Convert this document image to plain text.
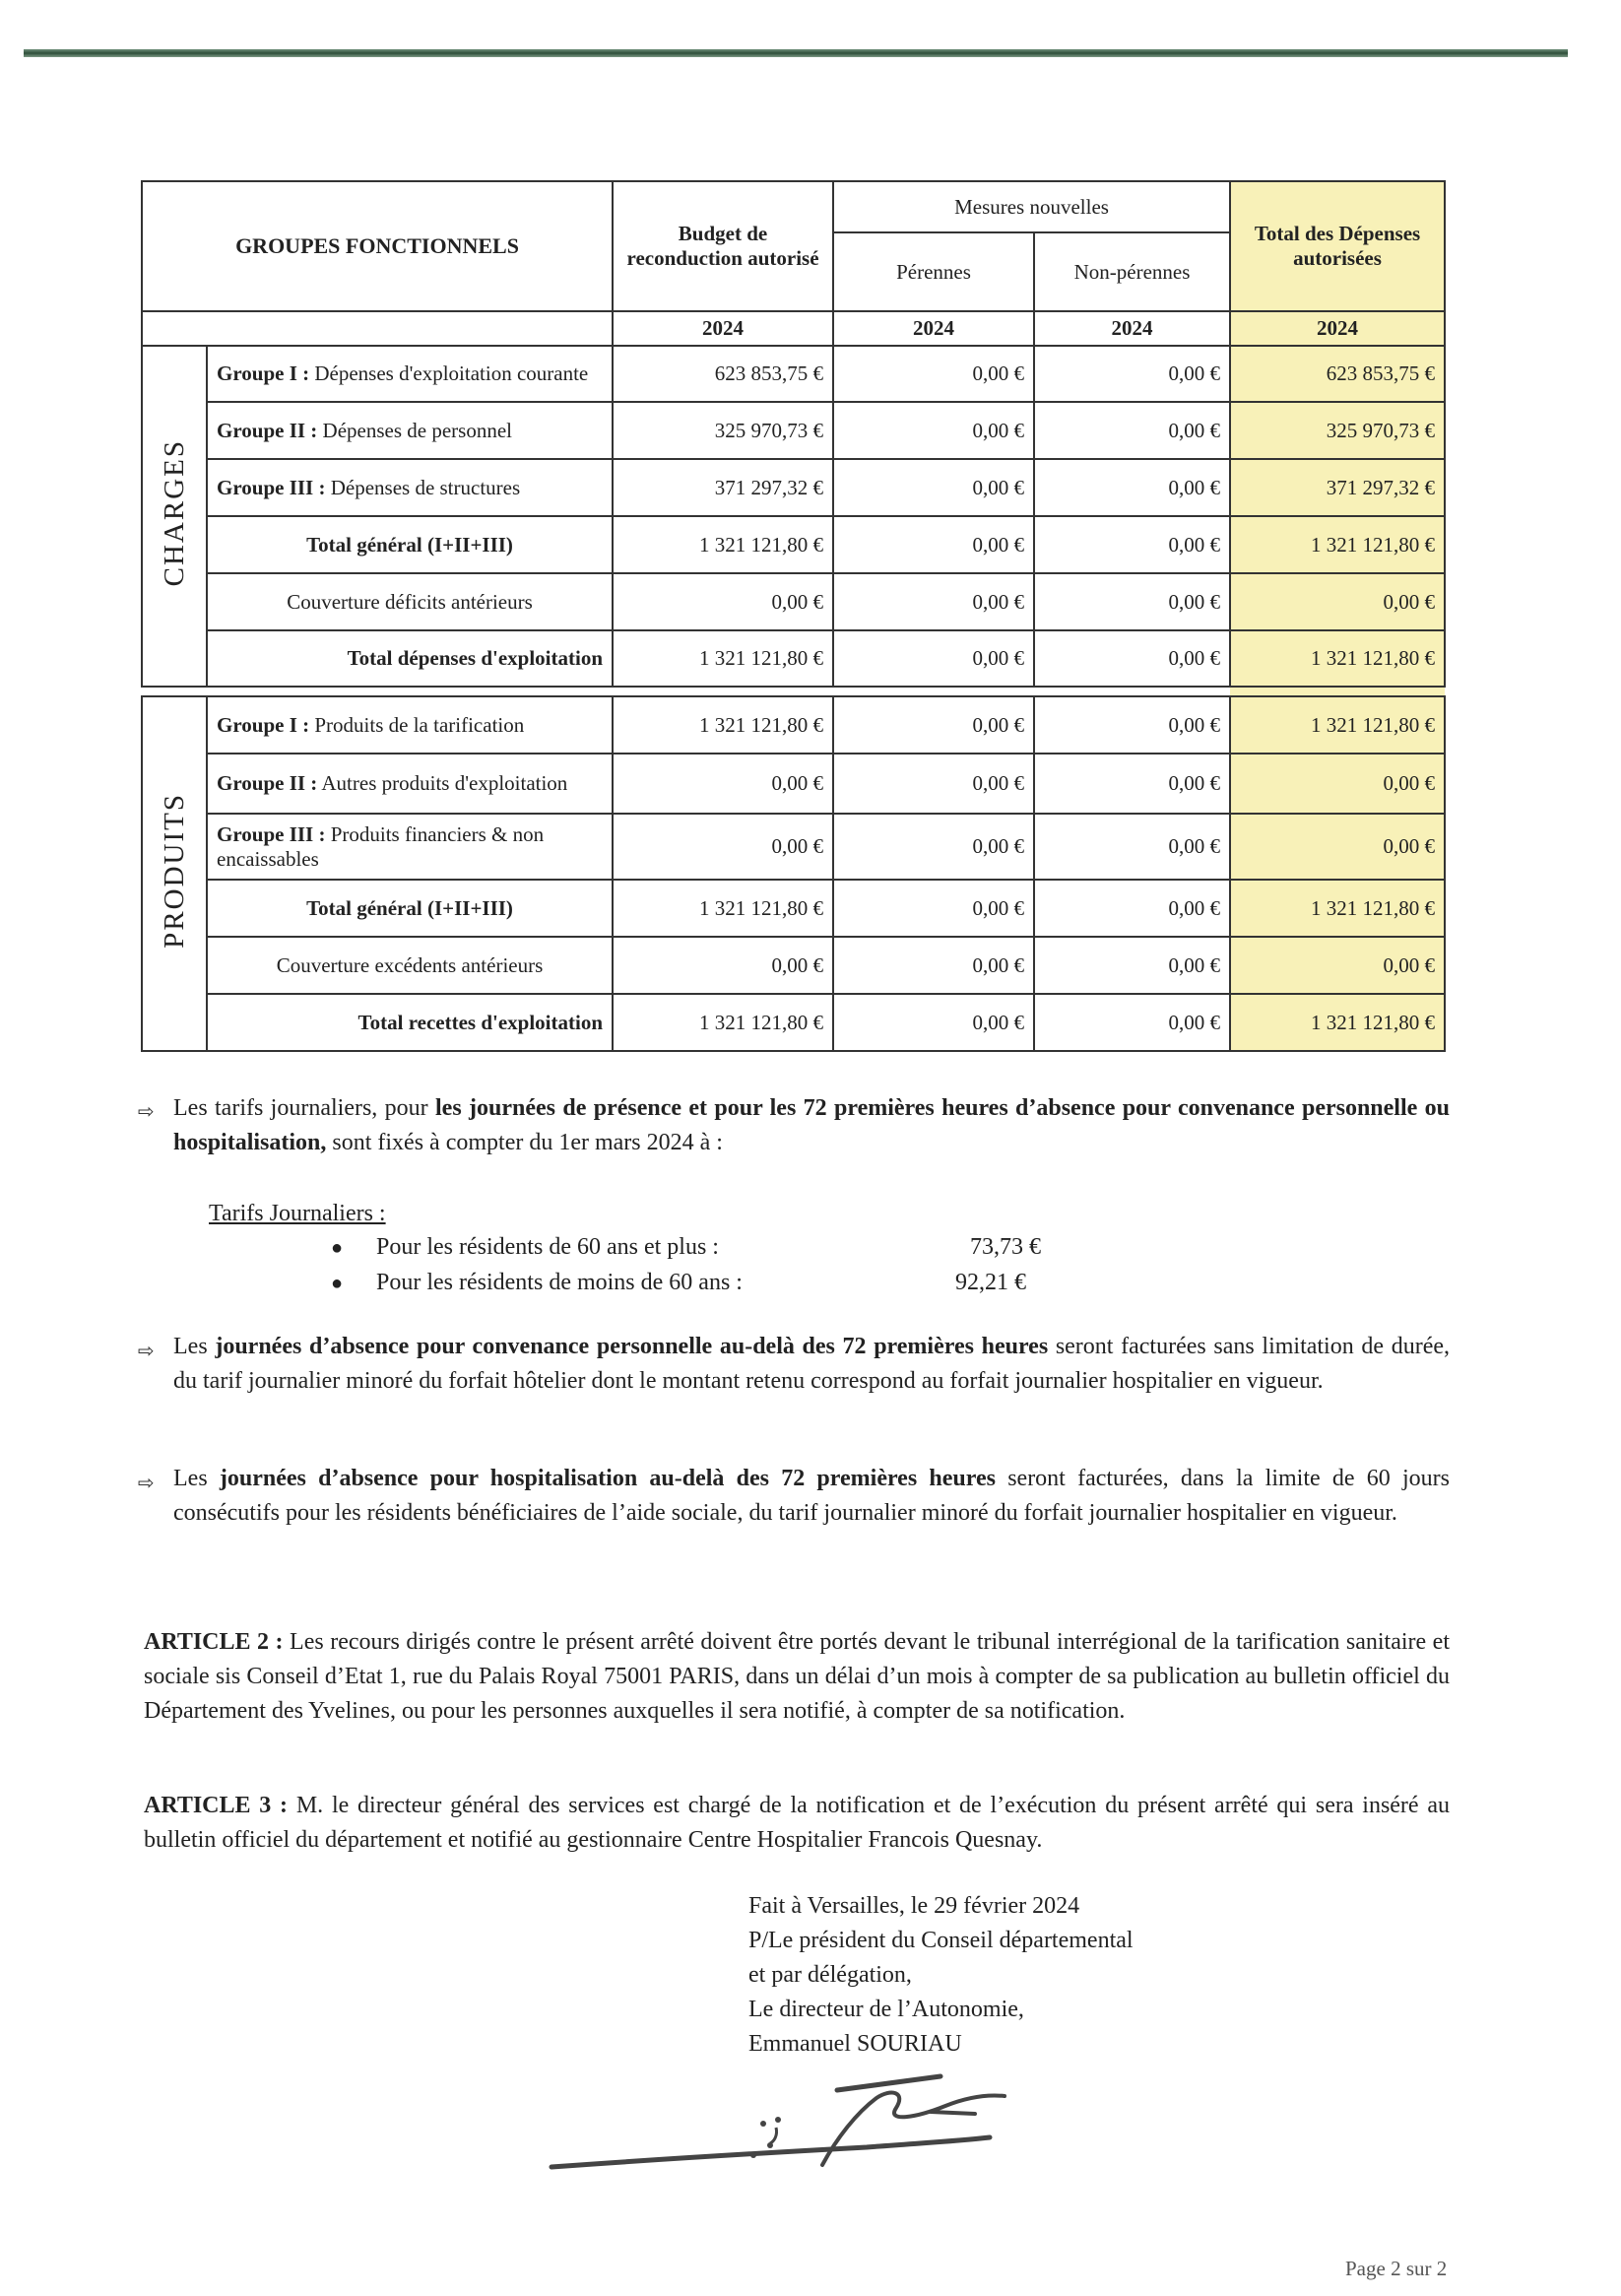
GROUPES FONCTIONNELS		Budget de reconduction autorisé	Mesures nouvelles		Total des Dépenses autorisées
			Pérennes	Non-pérennes	
		2024	2024	2024	2024
CHARGES	Groupe I : Dépenses d'exploitation courante	623 853,75 €	0,00 €	0,00 €	623 853,75 €
	Groupe II : Dépenses de personnel	325 970,73 €	0,00 €	0,00 €	325 970,73 €
	Groupe III : Dépenses de structures	371 297,32 €	0,00 €	0,00 €	371 297,32 €
	Total général (I+II+III)	1 321 121,80 €	0,00 €	0,00 €	1 321 121,80 €
	Couverture déficits antérieurs	0,00 €	0,00 €	0,00 €	0,00 €
	Total dépenses d'exploitation	1 321 121,80 €	0,00 €	0,00 €	1 321 121,80 €

PRODUITS	Groupe I : Produits de la tarification	1 321 121,80 €	0,00 €	0,00 €	1 321 121,80 €
	Groupe II : Autres produits d'exploitation	0,00 €	0,00 €	0,00 €	0,00 €
	Groupe III : Produits financiers & non encaissables	0,00 €	0,00 €	0,00 €	0,00 €
	Total général (I+II+III)	1 321 121,80 €	0,00 €	0,00 €	1 321 121,80 €
	Couverture excédents antérieurs	0,00 €	0,00 €	0,00 €	0,00 €
	Total recettes d'exploitation	1 321 121,80 €	0,00 €	0,00 €	1 321 121,80 €
⇨ Les tarifs journaliers, pour les journées de présence et pour les 72 premières heures d’absence pour convenance personnelle ou hospitalisation, sont fixés à compter du 1er mars 2024 à :
Tarifs Journaliers :
● Pour les résidents de 60 ans et plus :	73,73 €
● Pour les résidents de moins de 60 ans :	92,21 €
⇨ Les journées d’absence pour convenance personnelle au-delà des 72 premières heures seront facturées sans limitation de durée, du tarif journalier minoré du forfait hôtelier dont le montant retenu correspond au forfait journalier hospitalier en vigueur.
⇨ Les journées d’absence pour hospitalisation au-delà des 72 premières heures seront facturées, dans la limite de 60 jours consécutifs pour les résidents bénéficiaires de l’aide sociale, du tarif journalier minoré du forfait journalier hospitalier en vigueur.
ARTICLE 2 : Les recours dirigés contre le présent arrêté doivent être portés devant le tribunal interrégional de la tarification sanitaire et sociale sis Conseil d’Etat 1, rue du Palais Royal 75001 PARIS, dans un délai d’un mois à compter de sa publication au bulletin officiel du Département des Yvelines, ou pour les personnes auxquelles il sera notifié, à compter de sa notification.
ARTICLE 3 : M. le directeur général des services est chargé de la notification et de l’exécution du présent arrêté qui sera inséré au bulletin officiel du département et notifié au gestionnaire Centre Hospitalier Francois Quesnay.
Fait à Versailles, le 29 février 2024
P/Le président du Conseil départemental
et par délégation,
Le directeur de l’Autonomie,
Emmanuel SOURIAU
Page 2 sur 2
